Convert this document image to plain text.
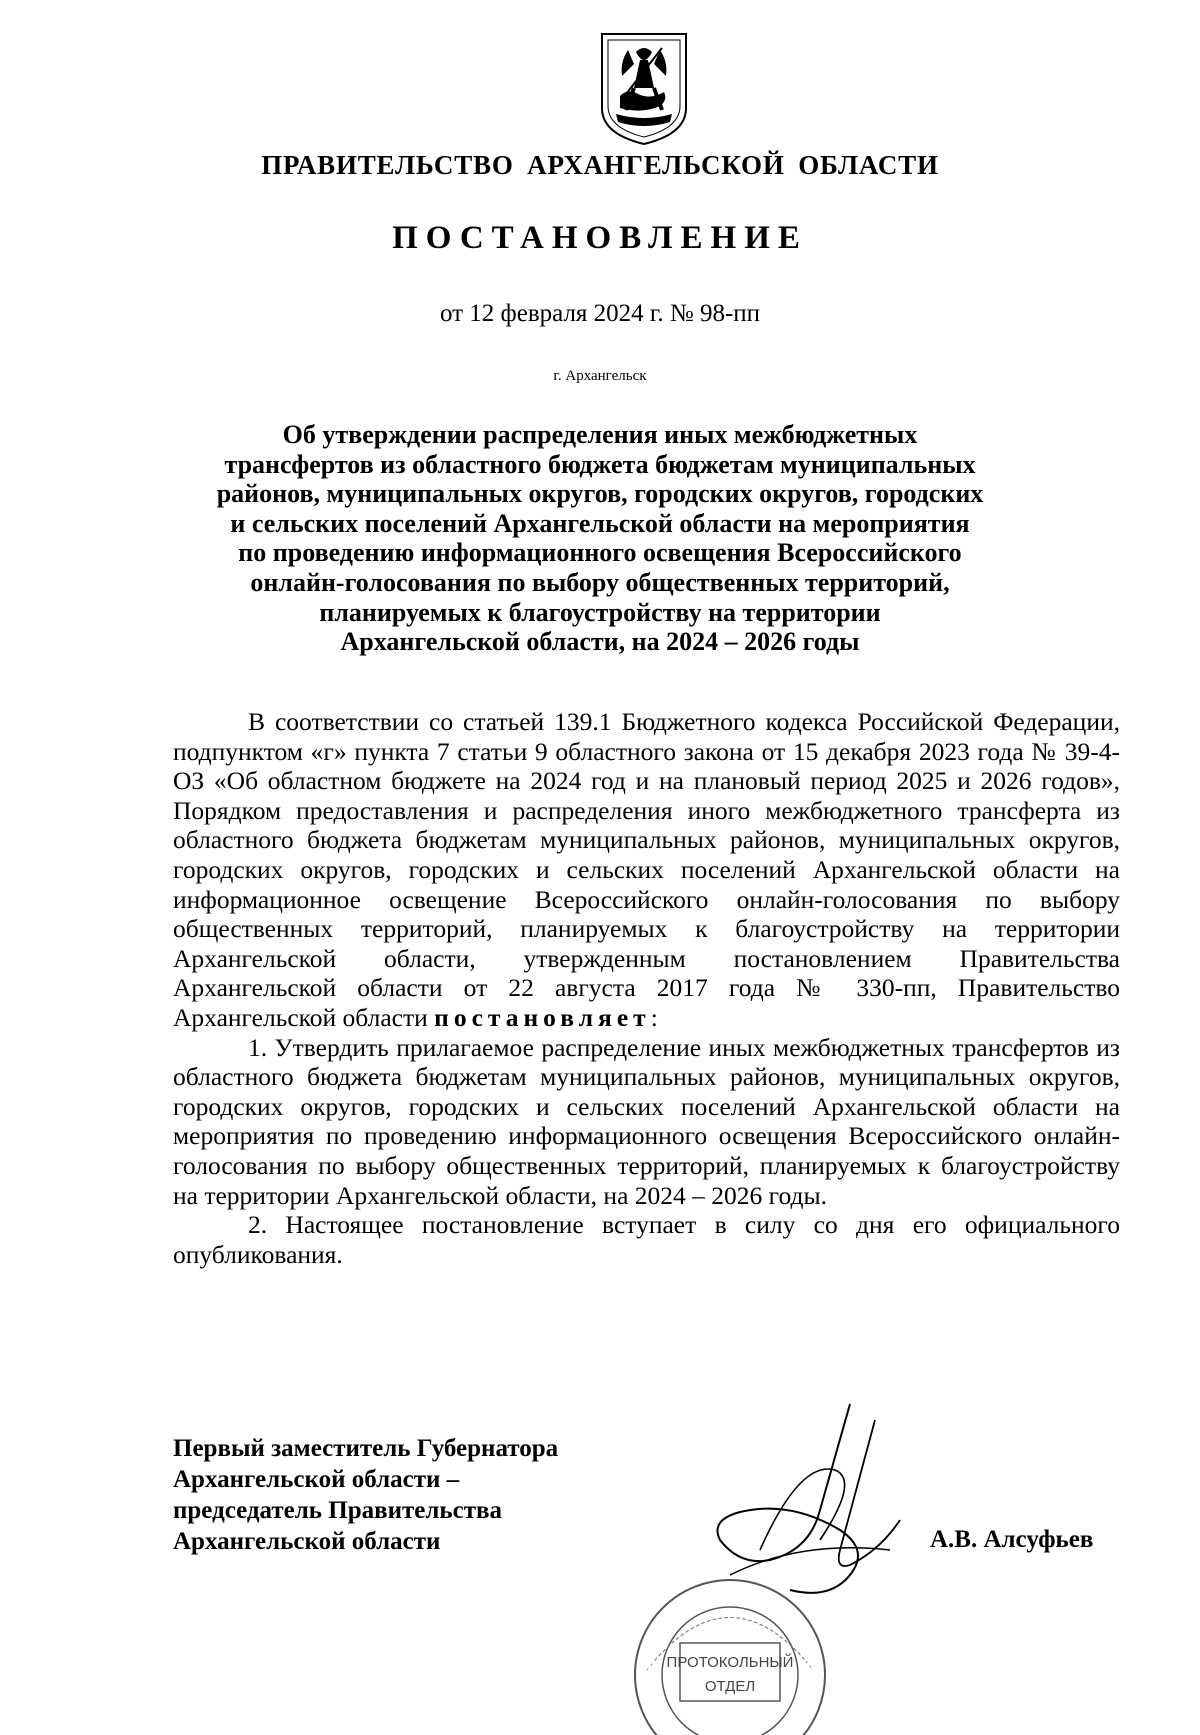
ПРАВИТЕЛЬСТВО АРХАНГЕЛЬСКОЙ ОБЛАСТИ
ПОСТАНОВЛЕНИЕ
от 12 февраля 2024 г. № 98-пп
г. Архангельск
Об утверждении распределения иных межбюджетных
трансфертов из областного бюджета бюджетам муниципальных
районов, муниципальных округов, городских округов, городских
и сельских поселений Архангельской области на мероприятия
по проведению информационного освещения Всероссийского
онлайн-голосования по выбору общественных территорий,
планируемых к благоустройству на территории
Архангельской области, на 2024 – 2026 годы

В соответствии со статьей 139.1 Бюджетного кодекса Российской Федерации, подпунктом «г» пункта 7 статьи 9 областного закона от 15 декабря 2023 года № 39-4-ОЗ «Об областном бюджете на 2024 год и на плановый период 2025 и 2026 годов», Порядком предоставления и распределения иного межбюджетного трансферта из областного бюджета бюджетам муниципальных районов, муниципальных округов, городских округов, городских и сельских поселений Архангельской области на информационное освещение Всероссийского онлайн-голосования по выбору общественных территорий, планируемых к благоустройству на территории Архангельской области, утвержденным постановлением Правительства Архангельской области от 22 августа 2017 года № 330-пп, Правительство Архангельской области постановляет:

1. Утвердить прилагаемое распределение иных межбюджетных трансфертов из областного бюджета бюджетам муниципальных районов, муниципальных округов, городских округов, городских и сельских поселений Архангельской области на мероприятия по проведению информационного освещения Всероссийского онлайн-голосования по выбору общественных территорий, планируемых к благоустройству на территории Архангельской области, на 2024 – 2026 годы.

2. Настоящее постановление вступает в силу со дня его официального опубликования.

Первый заместитель Губернатора
Архангельской области –
председатель Правительства
Архангельской области
ПРОТОКОЛЬНЫЙ
ОТДЕЛ
А.В. Алсуфьев
